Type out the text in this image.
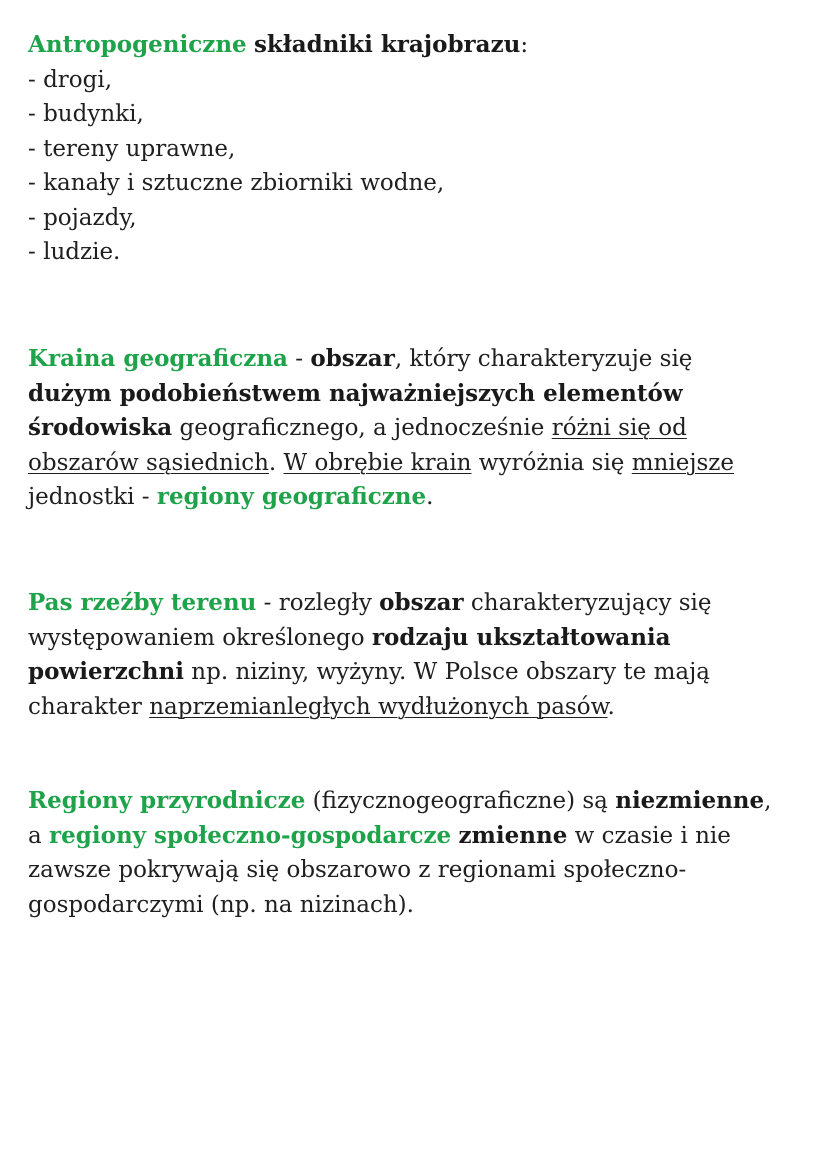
Antropogeniczne składniki krajobrazu:
- drogi,
- budynki,
- tereny uprawne,
- kanały i sztuczne zbiorniki wodne,
- pojazdy,
- ludzie.
Kraina geograficzna - obszar, który charakteryzuje się
dużym podobieństwem najważniejszych elementów
środowiska geograficznego, a jednocześnie różni się od
obszarów sąsiednich. W obrębie krain wyróżnia się mniejsze
jednostki - regiony geograficzne.
Pas rzeźby terenu - rozległy obszar charakteryzujący się
występowaniem określonego rodzaju ukształtowania
powierzchni np. niziny, wyżyny. W Polsce obszary te mają
charakter naprzemianległych wydłużonych pasów.
Regiony przyrodnicze (fizycznogeograficzne) są niezmienne,
a regiony społeczno-gospodarcze zmienne w czasie i nie
zawsze pokrywają się obszarowo z regionami społeczno-
gospodarczymi (np. na nizinach).
